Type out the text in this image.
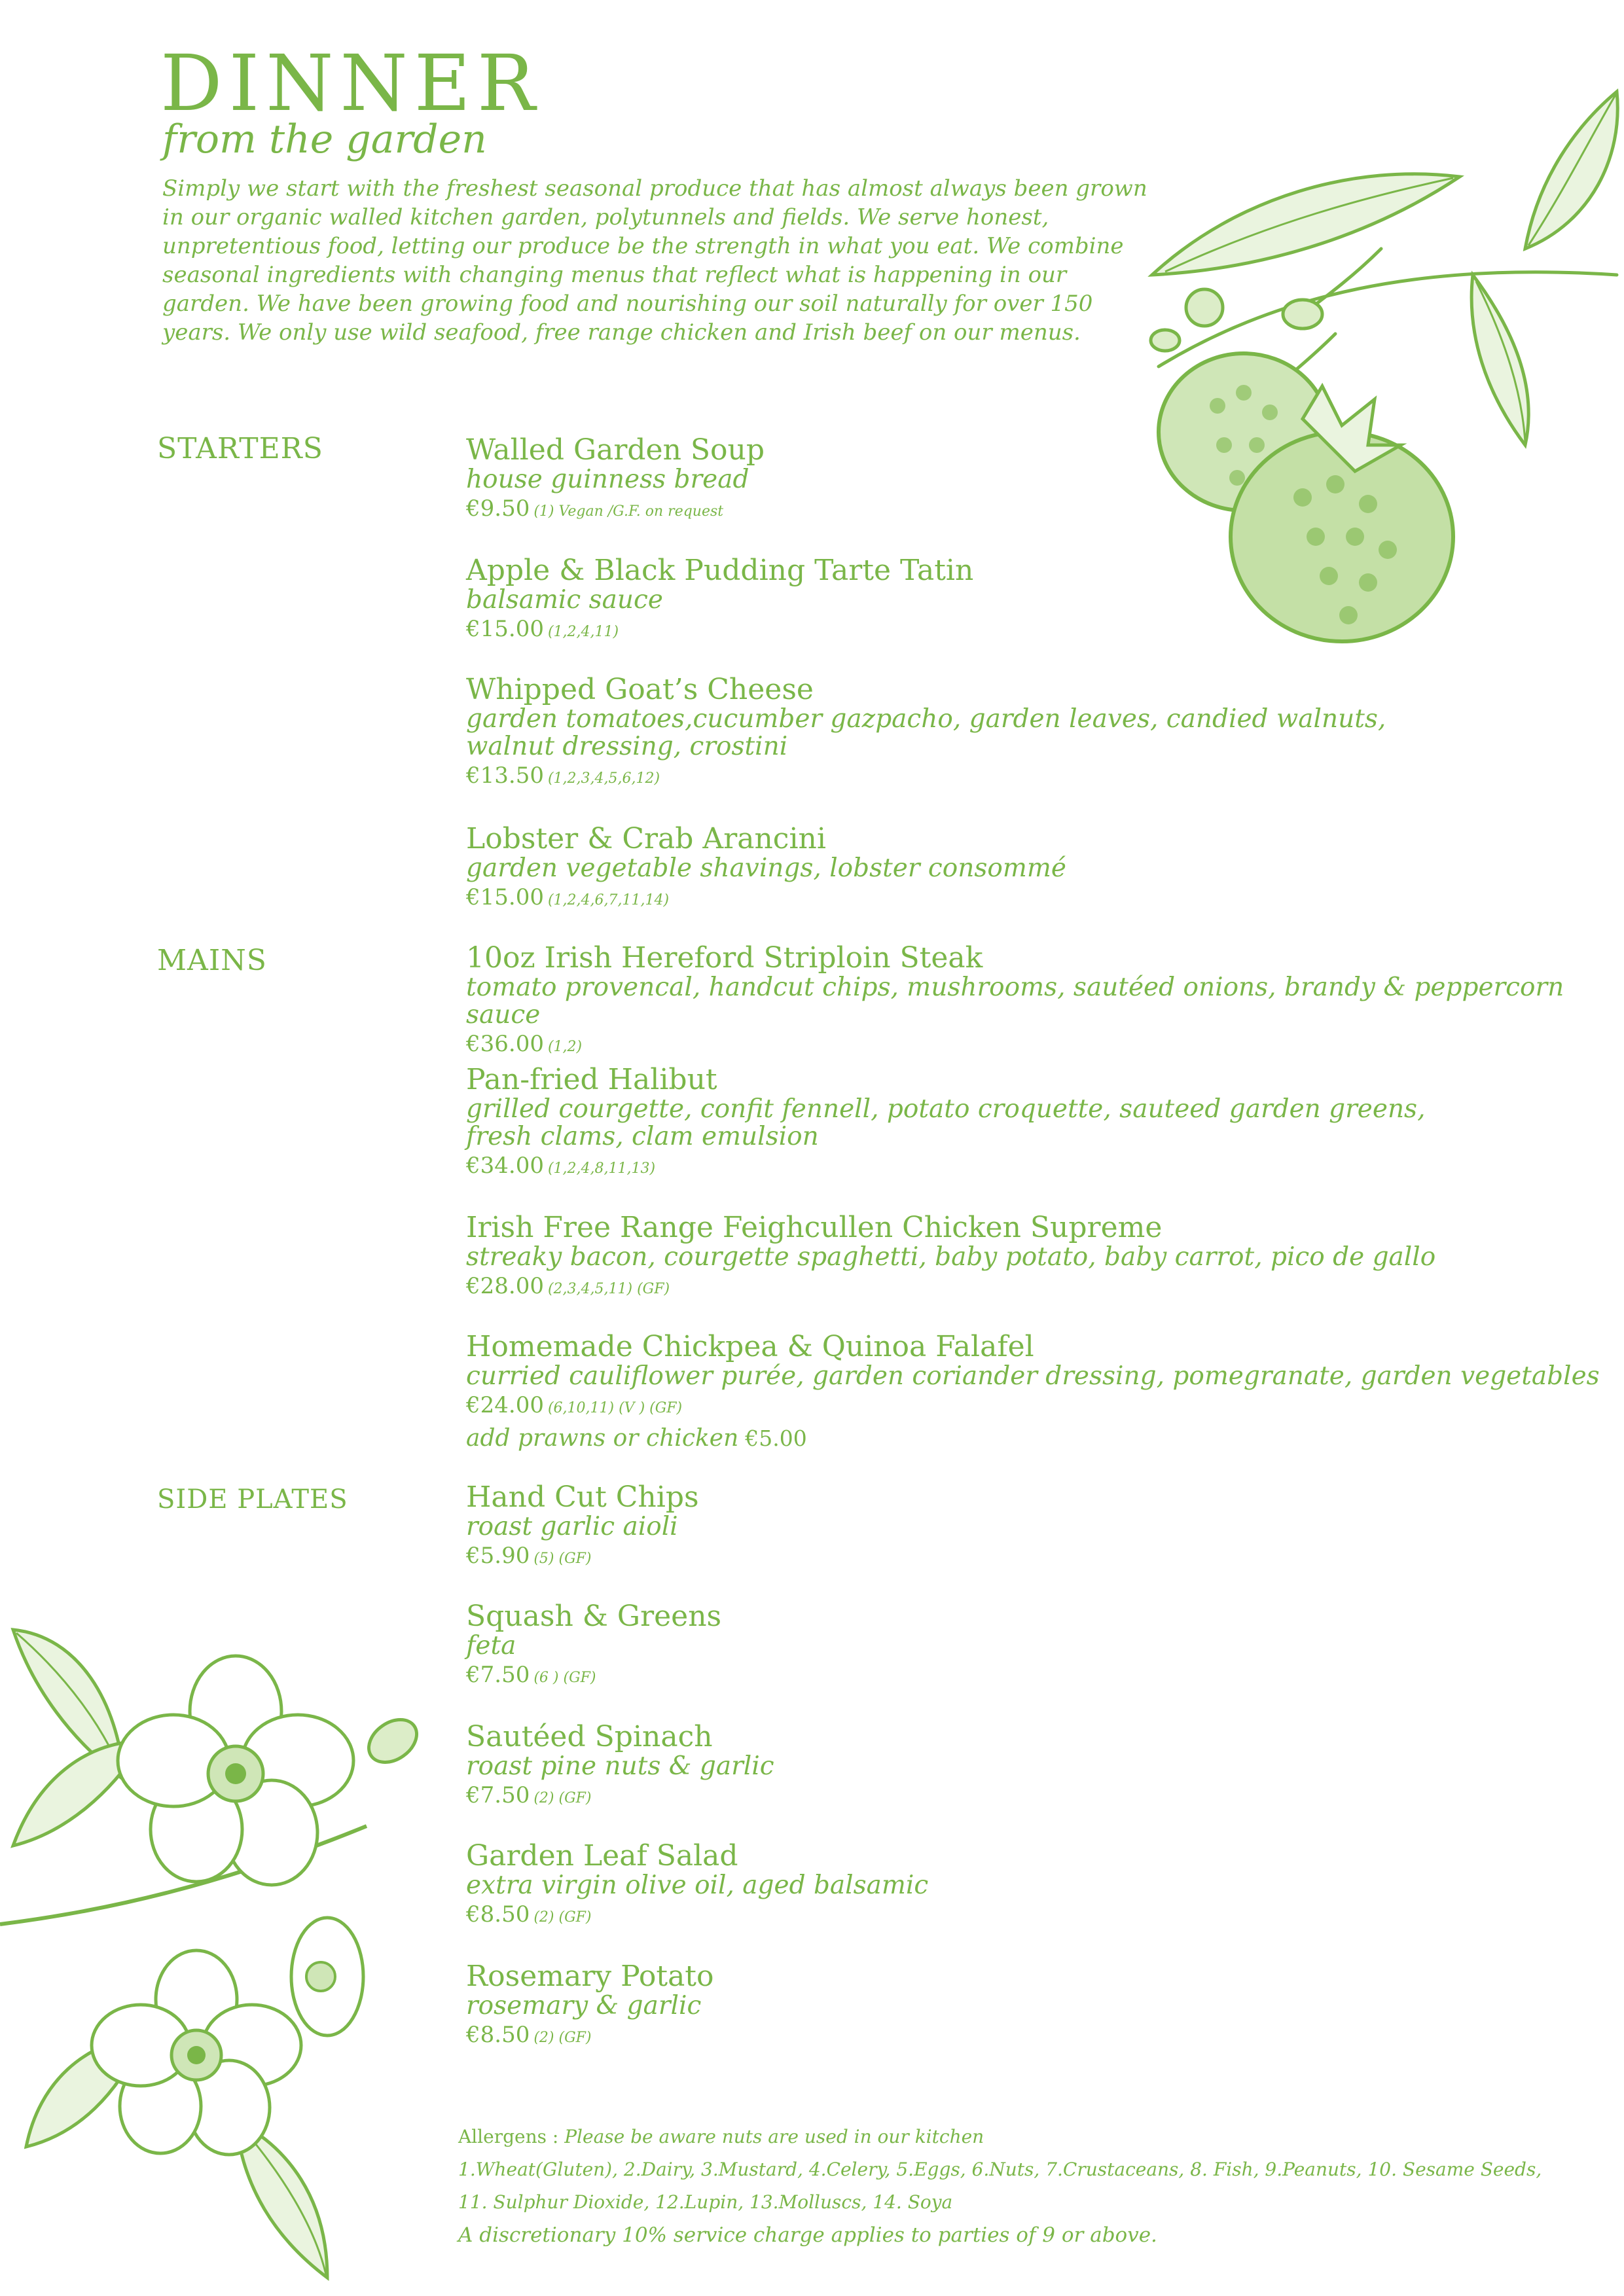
DINNER
from the garden

Simply we start with the freshest seasonal produce that has almost always been grown in our organic walled kitchen garden, polytunnels and fields. We serve honest, unpretentious food, letting our produce be the strength in what you eat. We combine seasonal ingredients with changing menus that reflect what is happening in our garden. We have been growing food and nourishing our soil naturally for over 150 years. We only use wild seafood, free range chicken and Irish beef on our menus.

STARTERS	Walled Garden Soup
house guinness bread
€9.50 (1) Vegan /G.F. on request
Apple & Black Pudding Tarte Tatin
balsamic sauce
€15.00 (1,2,4,11)
Whipped Goat’s Cheese
garden tomatoes,cucumber gazpacho, garden leaves, candied walnuts,
walnut dressing, crostini
€13.50 (1,2,3,4,5,6,12)
Lobster & Crab Arancini
garden vegetable shavings, lobster consommé
€15.00 (1,2,4,6,7,11,14)
MAINS	10oz Irish Hereford Striploin Steak
tomato provencal, handcut chips, mushrooms, sautéed onions, brandy & peppercorn sauce
€36.00 (1,2)
Pan-fried Halibut
grilled courgette, confit fennell, potato croquette, sauteed garden greens,
fresh clams, clam emulsion
€34.00 (1,2,4,8,11,13)
Irish Free Range Feighcullen Chicken Supreme
streaky bacon, courgette spaghetti, baby potato, baby carrot, pico de gallo
€28.00 (2,3,4,5,11) (GF)
Homemade Chickpea & Quinoa Falafel
curried cauliflower purée, garden coriander dressing, pomegranate, garden vegetables
€24.00 (6,10,11) (V ) (GF)
add prawns or chicken €5.00
SIDE PLATES	Hand Cut Chips
roast garlic aioli
€5.90 (5) (GF)
Squash & Greens
feta
€7.50 (6 ) (GF)
Sautéed Spinach
roast pine nuts & garlic
€7.50 (2) (GF)
Garden Leaf Salad
extra virgin olive oil, aged balsamic
€8.50 (2) (GF)
Rosemary Potato
rosemary & garlic
€8.50 (2) (GF)
Allergens : Please be aware nuts are used in our kitchen
1.Wheat(Gluten), 2.Dairy, 3.Mustard, 4.Celery, 5.Eggs, 6.Nuts, 7.Crustaceans, 8. Fish, 9.Peanuts, 10. Sesame Seeds,
11. Sulphur Dioxide, 12.Lupin, 13.Molluscs, 14. Soya
A discretionary 10% service charge applies to parties of 9 or above.
